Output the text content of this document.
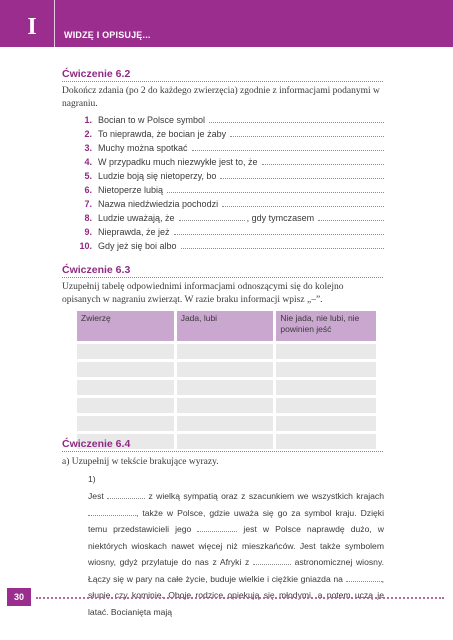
I	WIDZĘ I OPISUJĘ...
Ćwiczenie 6.2
Dokończ zdania (po 2 do każdego zwierzęcia) zgodnie z informacjami podanymi w nagraniu.
1. Bocian to w Polsce symbol
2. To nieprawda, że bocian je żaby
3. Muchy można spotkać
4. W przypadku much niezwykłe jest to, że
5. Ludzie boją się nietoperzy, bo
6. Nietoperze lubią
7. Nazwa niedźwiedzia pochodzi
8. Ludzie uważają, że	, gdy tymczasem
9. Nieprawda, że jeż
10. Gdy jeż się boi albo
Ćwiczenie 6.3
Uzupełnij tabelę odpowiednimi informacjami odnoszącymi się do kolejno opisanych w nagraniu zwierząt. W razie braku informacji wpisz „–”.
Zwierzę	Jada, lubi	Nie jada, nie lubi, nie powinien jeść

Ćwiczenie 6.4
a) Uzupełnij w tekście brakujące wyrazy.
1)
Jest	z wielką sympatią oraz z szacunkiem we wszystkich krajach , także w Polsce, gdzie uważa się go za symbol kraju. Dzięki temu przedstawicieli jego	jest w Polsce naprawdę dużo, w niektórych wioskach nawet więcej niż mieszkańców. Jest także symbolem wiosny, gdyż przylatuje do nas z Afryki z	astronomicznej wiosny. Łączy się w pary na całe życie, buduje wielkie i ciężkie gniazda na	, słupie czy kominie. Oboje rodzice opiekują się młodymi, a potem uczą je latać. Bocianięta mają
30
